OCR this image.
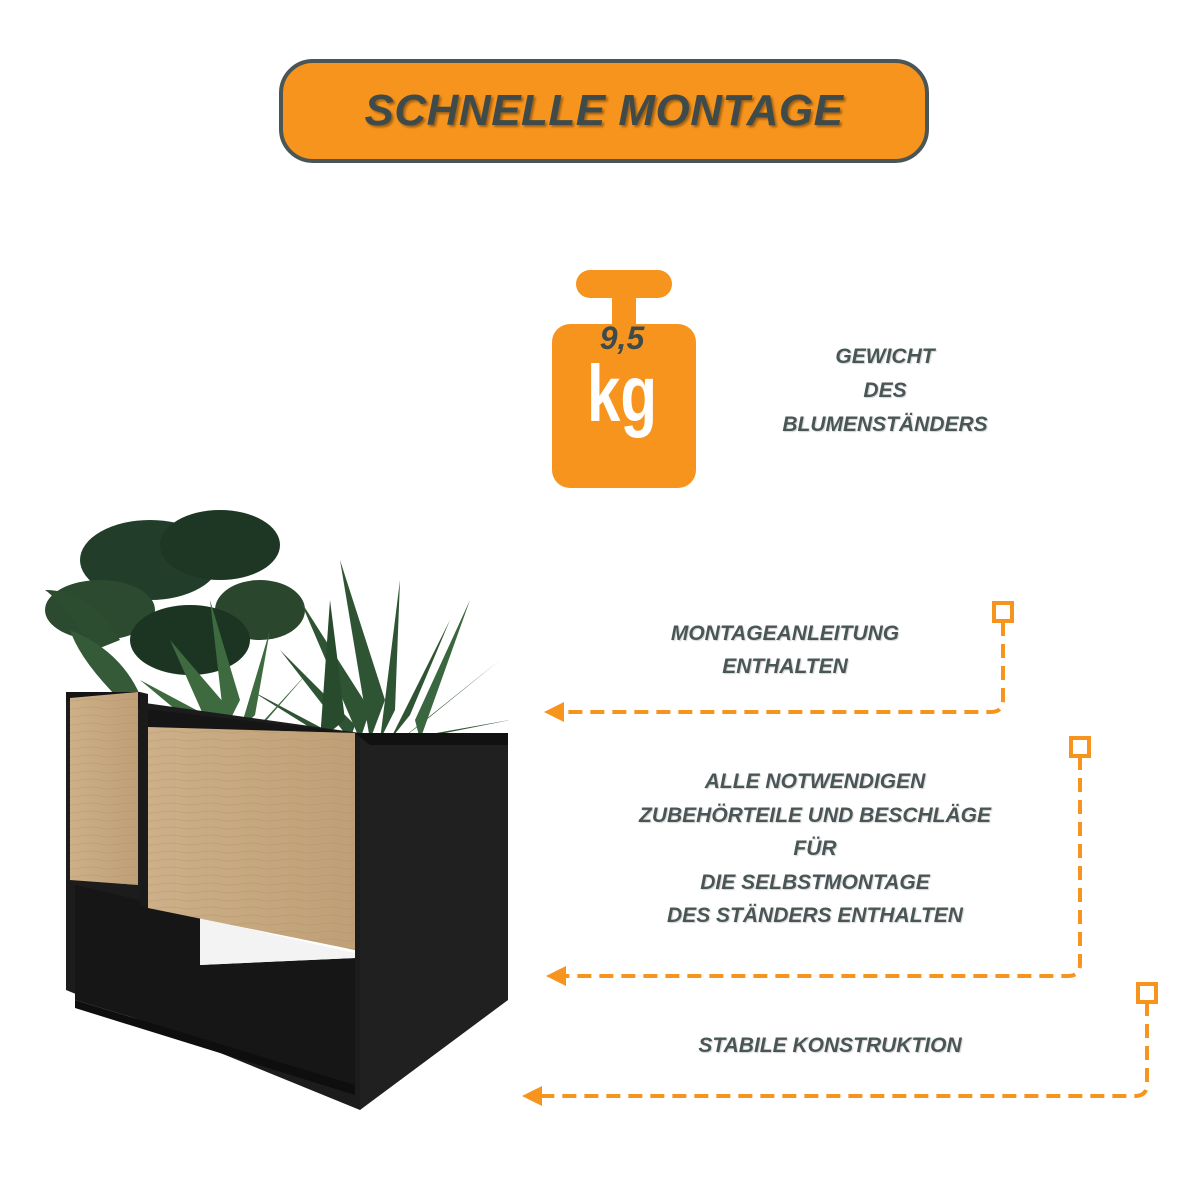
SCHNELLE MONTAGE
9,5
kg	GEWICHT
DES
BLUMENSTÄNDERS
MONTAGEANLEITUNG
ENTHALTEN
ALLE NOTWENDIGEN
ZUBEHÖRTEILE UND BESCHLÄGE
FÜR
DIE SELBSTMONTAGE
DES STÄNDERS ENTHALTEN
STABILE KONSTRUKTION
